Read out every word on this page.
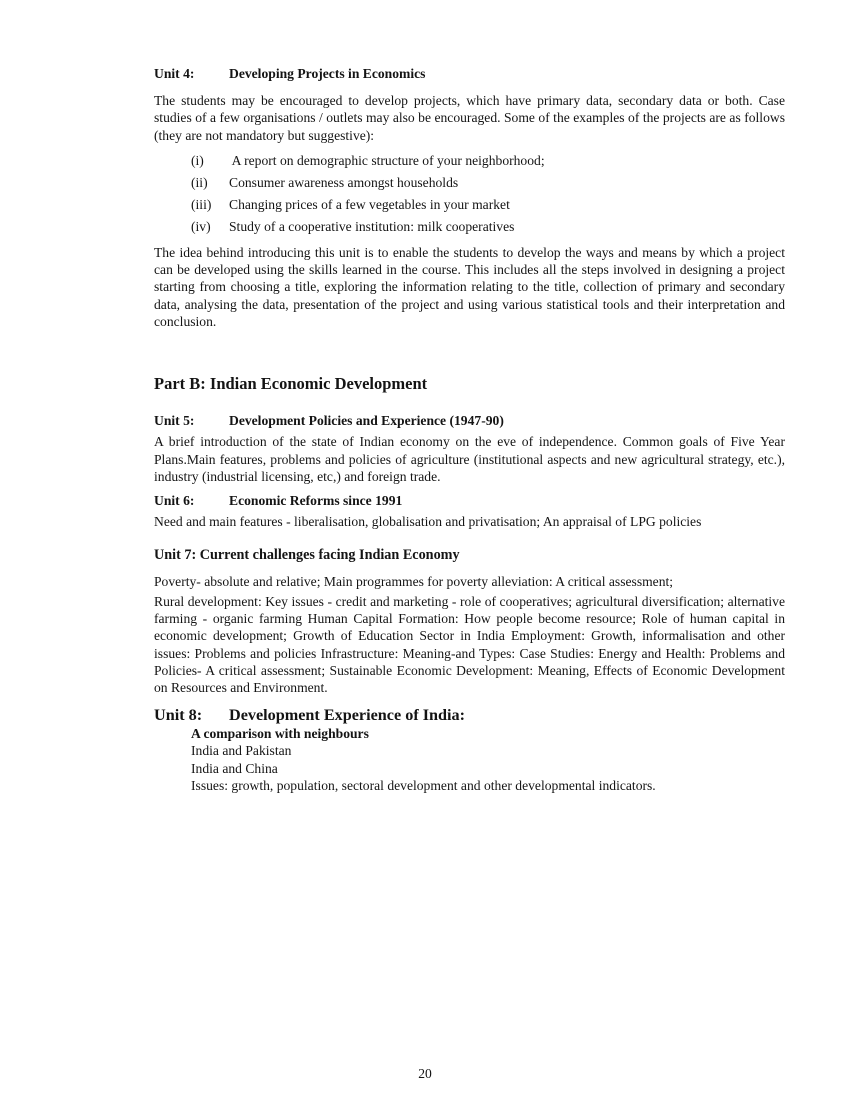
Unit 4:	Developing Projects in Economics

The students may be encouraged to develop projects, which have primary data, secondary data or both. Case studies of a few organisations / outlets may also be encouraged. Some of the examples of the projects are as follows (they are not mandatory but suggestive):

(i)	A report on demographic structure of your neighborhood;
(ii)	Consumer awareness amongst households
(iii)	Changing prices of a few vegetables in your market
(iv)	Study of a cooperative institution: milk cooperatives

The idea behind introducing this unit is to enable the students to develop the ways and means by which a project can be developed using the skills learned in the course. This includes all the steps involved in designing a project starting from choosing a title, exploring the information relating to the title, collection of primary and secondary data, analysing the data, presentation of the project and using various statistical tools and their interpretation and conclusion.

Part B: Indian Economic Development

Unit 5:	Development Policies and Experience (1947-90)

A brief introduction of the state of Indian economy on the eve of independence. Common goals of Five Year Plans.Main features, problems and policies of agriculture (institutional aspects and new agricultural strategy, etc.), industry (industrial licensing, etc,) and foreign trade.

Unit 6:	Economic Reforms since 1991

Need and main features - liberalisation, globalisation and privatisation; An appraisal of LPG policies

Unit 7: Current challenges facing Indian Economy

Poverty- absolute and relative; Main programmes for poverty alleviation: A critical assessment;

Rural development: Key issues - credit and marketing - role of cooperatives; agricultural diversification; alternative farming - organic farming Human Capital Formation: How people become resource; Role of human capital in economic development; Growth of Education Sector in India Employment: Growth, informalisation and other issues: Problems and policies Infrastructure: Meaning-and Types: Case Studies: Energy and Health: Problems and Policies- A critical assessment; Sustainable Economic Development: Meaning, Effects of Economic Development on Resources and Environment.

Unit 8:	Development Experience of India:
A comparison with neighbours
India and Pakistan
India and China
Issues: growth, population, sectoral development and other developmental indicators.
20
